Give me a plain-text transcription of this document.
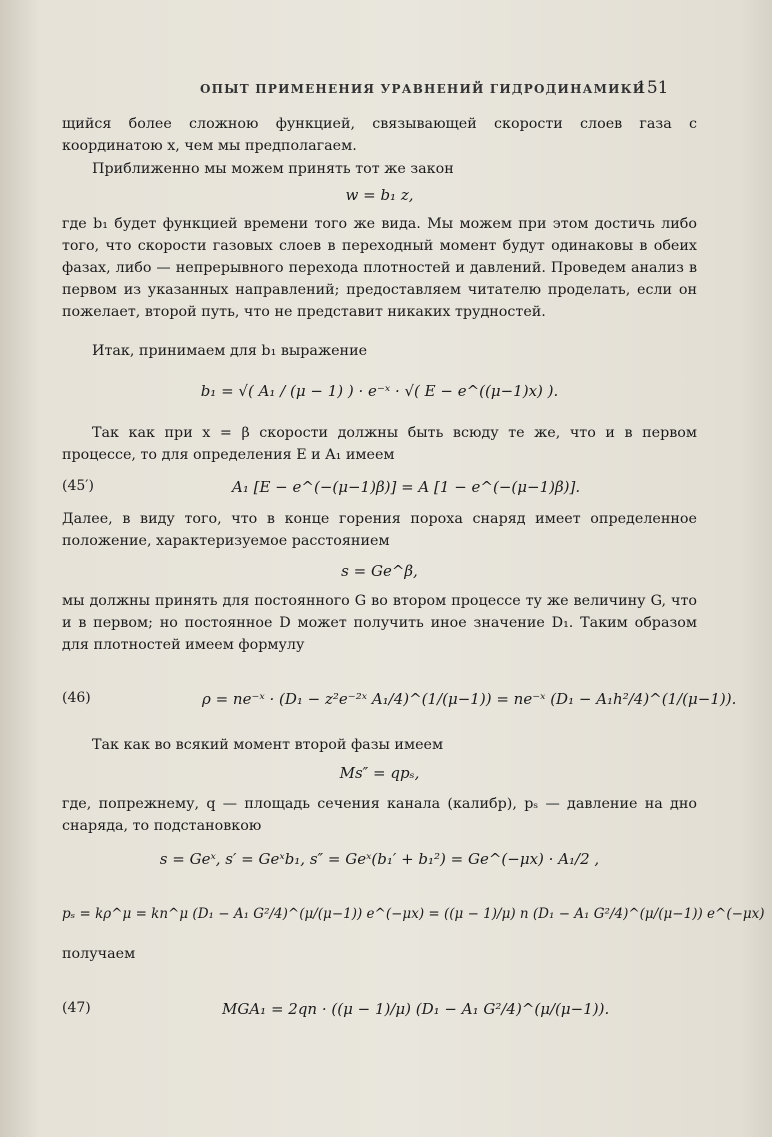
ОПЫТ ПРИМЕНЕНИЯ УРАВНЕНИЙ ГИДРОДИНАМИКИ
151

щийся более сложною функцией, связывающей скорости слоев газа с координатою x, чем мы предполагаем.

Приближенно мы можем принять тот же закон

w = b₁ z,

где b₁ будет функцией времени того же вида. Мы можем при этом достичь либо того, что скорости газовых слоев в переходный момент будут одинаковы в обеих фазах, либо — непрерывного перехода плотностей и давлений. Проведем анализ в первом из указанных направлений; предоставляем читателю проделать, если он пожелает, второй путь, что не представит никаких трудностей.

Итак, принимаем для b₁ выражение

b₁ = √( A₁ / (μ − 1) ) · e⁻ˣ · √( E − e^((μ−1)x) ).

Так как при x = β скорости должны быть всюду те же, что и в первом процессе, то для определения E и A₁ имеем

(45′)	A₁ [E − e^(−(μ−1)β)] = A [1 − e^(−(μ−1)β)].

Далее, в виду того, что в конце горения пороха снаряд имеет определенное положение, характеризуемое расстоянием

s = Ge^β,

мы должны принять для постоянного G во втором процессе ту же величину G, что и в первом; но постоянное D может получить иное значение D₁. Таким образом для плотностей имеем формулу

(46)	ρ = ne⁻ˣ · (D₁ − z²e⁻²ˣ A₁/4)^(1/(μ−1)) = ne⁻ˣ (D₁ − A₁h²/4)^(1/(μ−1)).

Так как во всякий момент второй фазы имеем

Ms″ = qpₛ,

где, попрежнему, q — площадь сечения канала (калибр), pₛ — давление на дно снаряда, то подстановкою

s = Geˣ, s′ = Geˣb₁, s″ = Geˣ(b₁′ + b₁²) = Ge^(−μx) · A₁/2 ,
pₛ = kρ^μ = kn^μ (D₁ − A₁ G²/4)^(μ/(μ−1)) e^(−μx) = ((μ − 1)/μ) n (D₁ − A₁ G²/4)^(μ/(μ−1)) e^(−μx)

получаем

(47)	MGA₁ = 2qn · ((μ − 1)/μ) (D₁ − A₁ G²/4)^(μ/(μ−1)).
